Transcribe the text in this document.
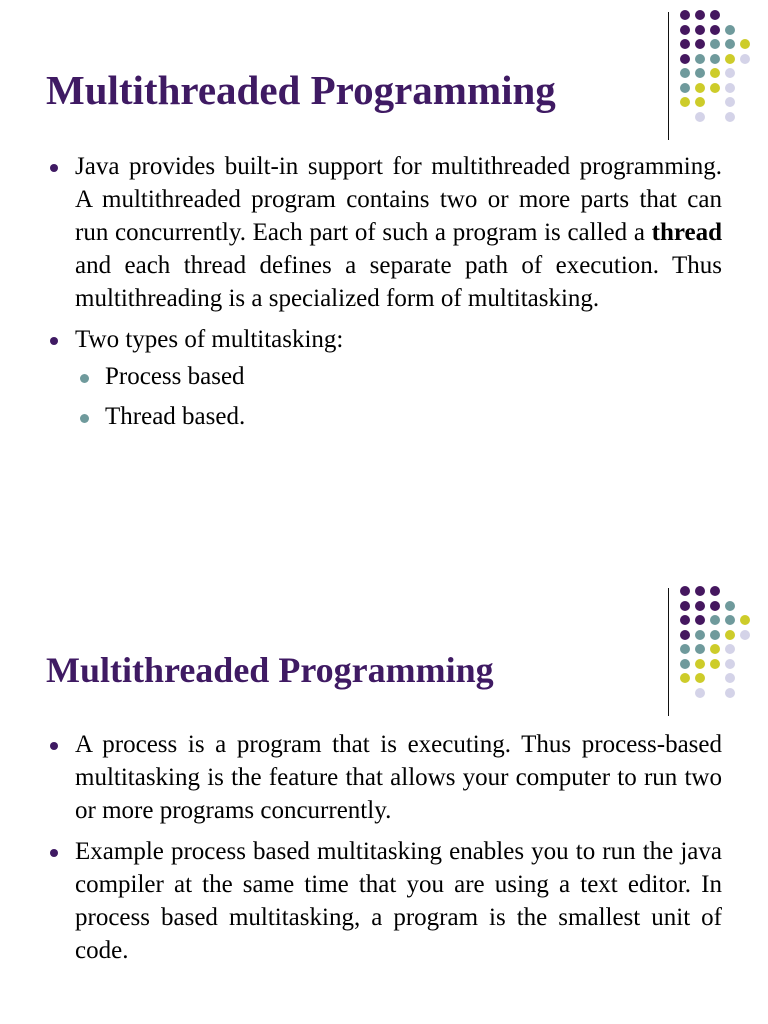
Multithreaded Programming
Java provides built-in support for multithreaded programming. A multithreaded program contains two or more parts that can run concurrently. Each part of such a program is called a thread and each thread defines a separate path of execution. Thus multithreading is a specialized form of multitasking.
Two types of multitasking:
Process based
Thread based.
Multithreaded Programming
A process is a program that is executing. Thus process-based multitasking is the feature that allows your computer to run two or more programs concurrently.
Example process based multitasking enables you to run the java compiler at the same time that you are using a text editor. In process based multitasking, a program is the smallest unit of code.
